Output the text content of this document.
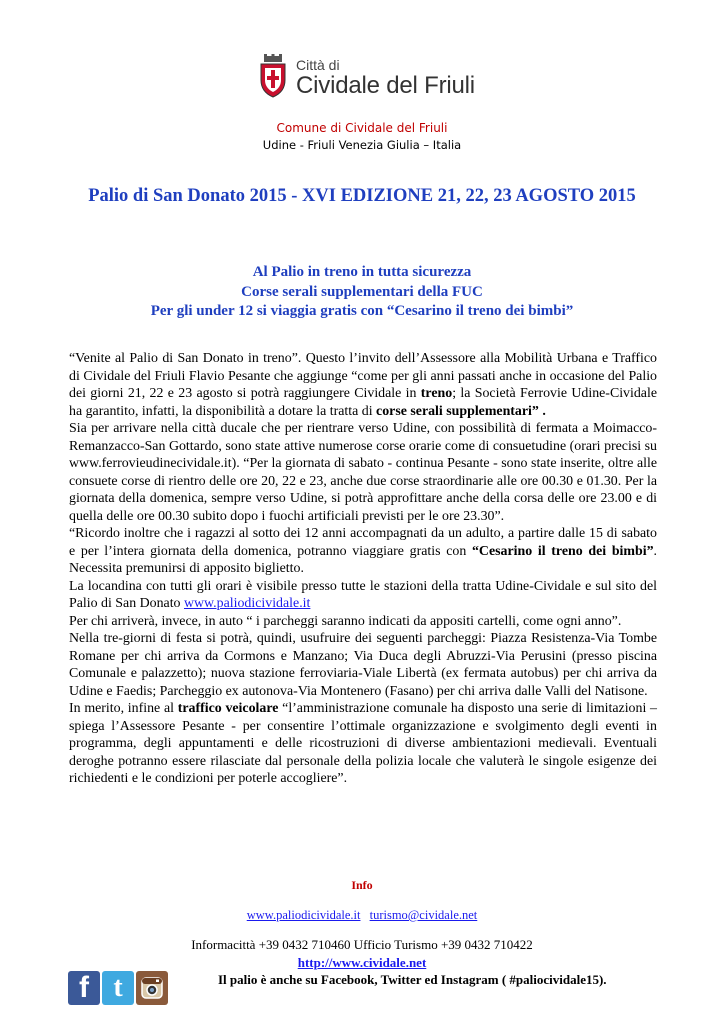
Città di
Cividale del Friuli
Comune di Cividale del Friuli
Udine - Friuli Venezia Giulia – Italia
Palio di San Donato 2015 - XVI EDIZIONE 21, 22, 23 AGOSTO 2015
Al Palio in treno in tutta sicurezza
Corse serali supplementari della FUC
Per gli under 12 si viaggia gratis con “Cesarino il treno dei bimbi”

“Venite al Palio di San Donato in treno”. Questo l’invito dell’Assessore alla Mobilità Urbana e Traffico di Cividale del Friuli Flavio Pesante che aggiunge “come per gli anni passati anche in occasione del Palio dei giorni 21, 22 e 23 agosto si potrà raggiungere Cividale in treno; la Società Ferrovie Udine-Cividale ha garantito, infatti, la disponibilità a dotare la tratta di corse serali supplementari” .

Sia per arrivare nella città ducale che per rientrare verso Udine, con possibilità di fermata a Moimacco-Remanzacco-San Gottardo, sono state attive numerose corse orarie come di consuetudine (orari precisi su www.ferrovieudinecividale.it). “Per la giornata di sabato - continua Pesante - sono state inserite, oltre alle consuete corse di rientro delle ore 20, 22 e 23, anche due corse straordinarie alle ore 00.30 e 01.30. Per la giornata della domenica, sempre verso Udine, si potrà approfittare anche della corsa delle ore 23.00 e di quella delle ore 00.30 subito dopo i fuochi artificiali previsti per le ore 23.30”.

“Ricordo inoltre che i ragazzi al sotto dei 12 anni accompagnati da un adulto, a partire dalle 15 di sabato e per l’intera giornata della domenica, potranno viaggiare gratis con “Cesarino il treno dei bimbi”. Necessita premunirsi di apposito biglietto.

La locandina con tutti gli orari è visibile presso tutte le stazioni della tratta Udine-Cividale e sul sito del Palio di San Donato www.paliodicividale.it

Per chi arriverà, invece, in auto “ i parcheggi saranno indicati da appositi cartelli, come ogni anno”.

Nella tre-giorni di festa si potrà, quindi, usufruire dei seguenti parcheggi: Piazza Resistenza-Via Tombe Romane per chi arriva da Cormons e Manzano; Via Duca degli Abruzzi-Via Perusini (presso piscina Comunale e palazzetto); nuova stazione ferroviaria-Viale Libertà (ex fermata autobus) per chi arriva da Udine e Faedis; Parcheggio ex autonova-Via Montenero (Fasano) per chi arriva dalle Valli del Natisone.

In merito, infine al traffico veicolare “l’amministrazione comunale ha disposto una serie di limitazioni – spiega l’Assessore Pesante - per consentire l’ottimale organizzazione e svolgimento degli eventi in programma, degli appuntamenti e delle ricostruzioni di diverse ambientazioni medievali. Eventuali deroghe potranno essere rilasciate dal personale della polizia locale che valuterà le singole esigenze dei richiedenti e le condizioni per poterle accogliere”.

Info
www.paliodicividale.it turismo@cividale.net
Informacittà +39 0432 710460 Ufficio Turismo +39 0432 710422
http://www.cividale.net
f t	Il palio è anche su Facebook, Twitter ed Instagram ( #paliocividale15).
